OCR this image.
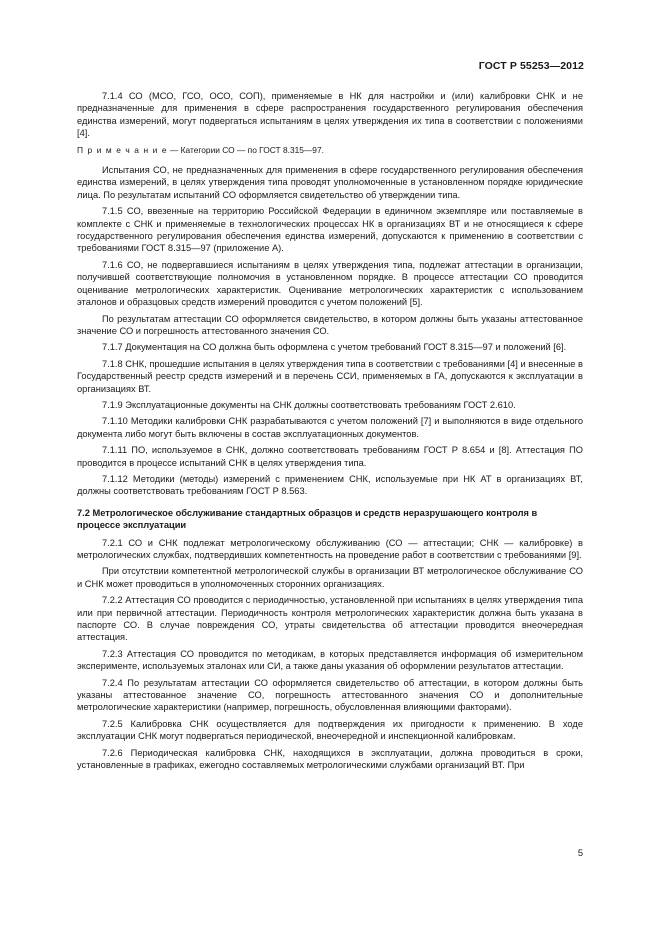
ГОСТ Р 55253—2012

7.1.4 СО (МСО, ГСО, ОСО, СОП), применяемые в НК для настройки и (или) калибровки СНК и не предназначенные для применения в сфере распространения государственного регулирования обеспечения единства измерений, могут подвергаться испытаниям в целях утверждения их типа в соответствии с положениями [4].

П р и м е ч а н и е — Категории СО — по ГОСТ 8.315—97.

Испытания СО, не предназначенных для применения в сфере государственного регулирования обеспечения единства измерений, в целях утверждения типа проводят уполномоченные в установленном порядке юридические лица. По результатам испытаний СО оформляется свидетельство об утверждении типа.

7.1.5 СО, ввезенные на территорию Российской Федерации в единичном экземпляре или поставляемые в комплекте с СНК и применяемые в технологических процессах НК в организациях ВТ и не относящиеся к сфере государственного регулирования обеспечения единства измерений, допускаются к применению в соответствии с требованиями ГОСТ 8.315—97 (приложение А).

7.1.6 СО, не подвергавшиеся испытаниям в целях утверждения типа, подлежат аттестации в организации, получившей соответствующие полномочия в установленном порядке. В процессе аттестации СО проводится оценивание метрологических характеристик. Оценивание метрологических характеристик с использованием эталонов и образцовых средств измерений проводится с учетом положений [5].

По результатам аттестации СО оформляется свидетельство, в котором должны быть указаны аттестованное значение СО и погрешность аттестованного значения СО.

7.1.7 Документация на СО должна быть оформлена с учетом требований ГОСТ 8.315—97 и положений [6].

7.1.8 СНК, прошедшие испытания в целях утверждения типа в соответствии с требованиями [4] и внесенные в Государственный реестр средств измерений и в перечень ССИ, применяемых в ГА, допускаются к эксплуатации в организациях ВТ.

7.1.9 Эксплуатационные документы на СНК должны соответствовать требованиям ГОСТ 2.610.

7.1.10 Методики калибровки СНК разрабатываются с учетом положений [7] и выполняются в виде отдельного документа либо могут быть включены в состав эксплуатационных документов.

7.1.11 ПО, используемое в СНК, должно соответствовать требованиям ГОСТ Р 8.654 и [8]. Аттестация ПО проводится в процессе испытаний СНК в целях утверждения типа.

7.1.12 Методики (методы) измерений с применением СНК, используемые при НК АТ в организациях ВТ, должны соответствовать требованиям ГОСТ Р 8.563.

7.2 Метрологическое обслуживание стандартных образцов и средств неразрушающего контроля в процессе эксплуатации

7.2.1 СО и СНК подлежат метрологическому обслуживанию (СО — аттестации; СНК — калибровке) в метрологических службах, подтвердивших компетентность на проведение работ в соответствии с требованиями [9].

При отсутствии компетентной метрологической службы в организации ВТ метрологическое обслуживание СО и СНК может проводиться в уполномоченных сторонних организациях.

7.2.2 Аттестация СО проводится с периодичностью, установленной при испытаниях в целях утверждения типа или при первичной аттестации. Периодичность контроля метрологических характеристик должна быть указана в паспорте СО. В случае повреждения СО, утраты свидетельства об аттестации проводится внеочередная аттестация.

7.2.3 Аттестация СО проводится по методикам, в которых представляется информация об измерительном эксперименте, используемых эталонах или СИ, а также даны указания об оформлении результатов аттестации.

7.2.4 По результатам аттестации СО оформляется свидетельство об аттестации, в котором должны быть указаны аттестованное значение СО, погрешность аттестованного значения СО и дополнительные метрологические характеристики (например, погрешность, обусловленная влияющими факторами).

7.2.5 Калибровка СНК осуществляется для подтверждения их пригодности к применению. В ходе эксплуатации СНК могут подвергаться периодической, внеочередной и инспекционной калибровкам.

7.2.6 Периодическая калибровка СНК, находящихся в эксплуатации, должна проводиться в сроки, установленные в графиках, ежегодно составляемых метрологическими службами организаций ВТ. При

5
